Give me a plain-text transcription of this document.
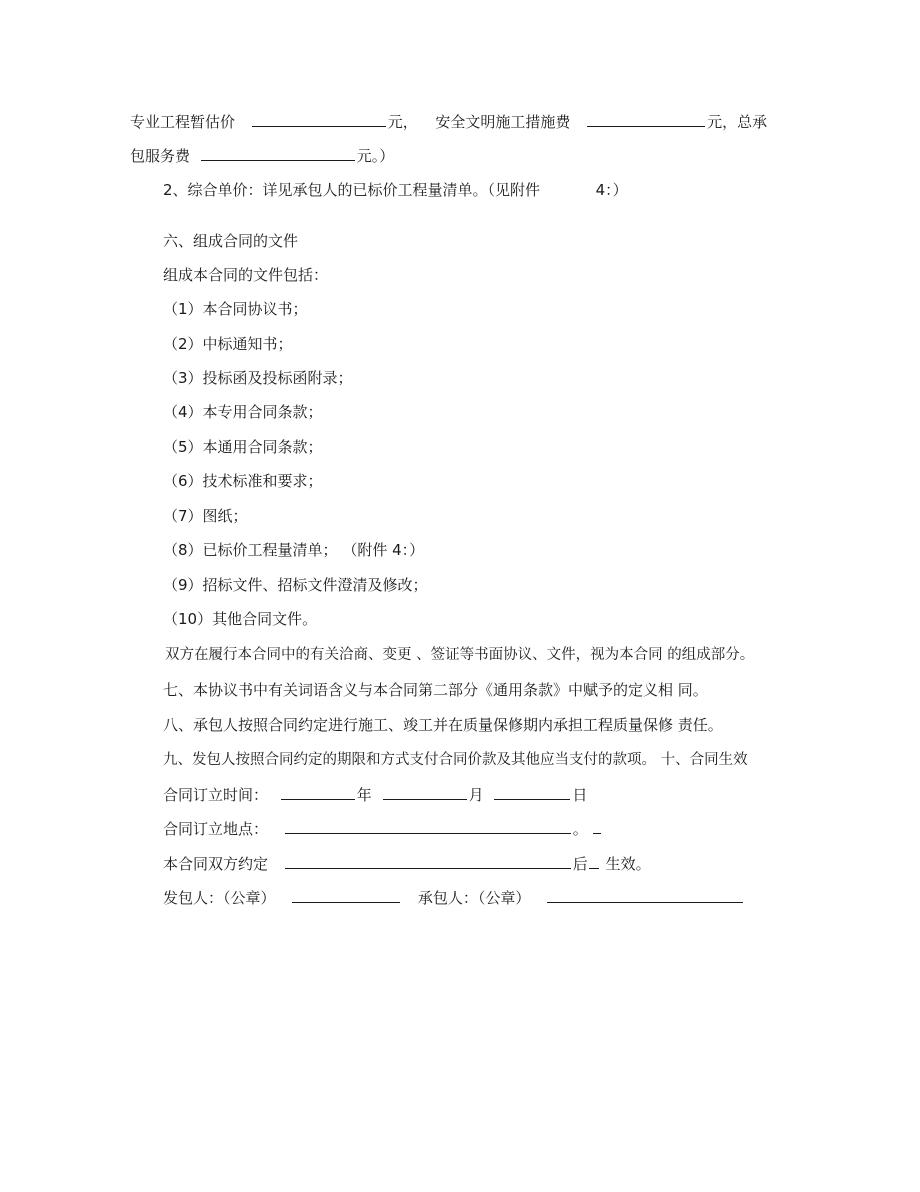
专业工程暂估价	元， 安全文明施工措施费	元，总承
包服务费	元。）
2、综合单价：详见承包人的已标价工程量清单。（见附件	4：）
六、组成合同的文件
组成本合同的文件包括：
（1）本合同协议书；
（2）中标通知书；
（3）投标函及投标函附录；
（4）本专用合同条款；
（5）本通用合同条款；
（6）技术标准和要求；
（7）图纸；
（8）已标价工程量清单； （附件 4：）
（9）招标文件、招标文件澄清及修改；
（10）其他合同文件。
双方在履行本合同中的有关洽商、变更 、签证等书面协议、文件，视为本合同 的组成部分。
七、本协议书中有关词语含义与本合同第二部分《通用条款》中赋予的定义相 同。
八、承包人按照合同约定进行施工、竣工并在质量保修期内承担工程质量保修 责任。
九、发包人按照合同约定的期限和方式支付合同价款及其他应当支付的款项。 十、合同生效
合同订立时间：	年	月	日
合同订立地点：	。
本合同双方约定	后 生效。
发包人：（公章）	承包人：（公章）
